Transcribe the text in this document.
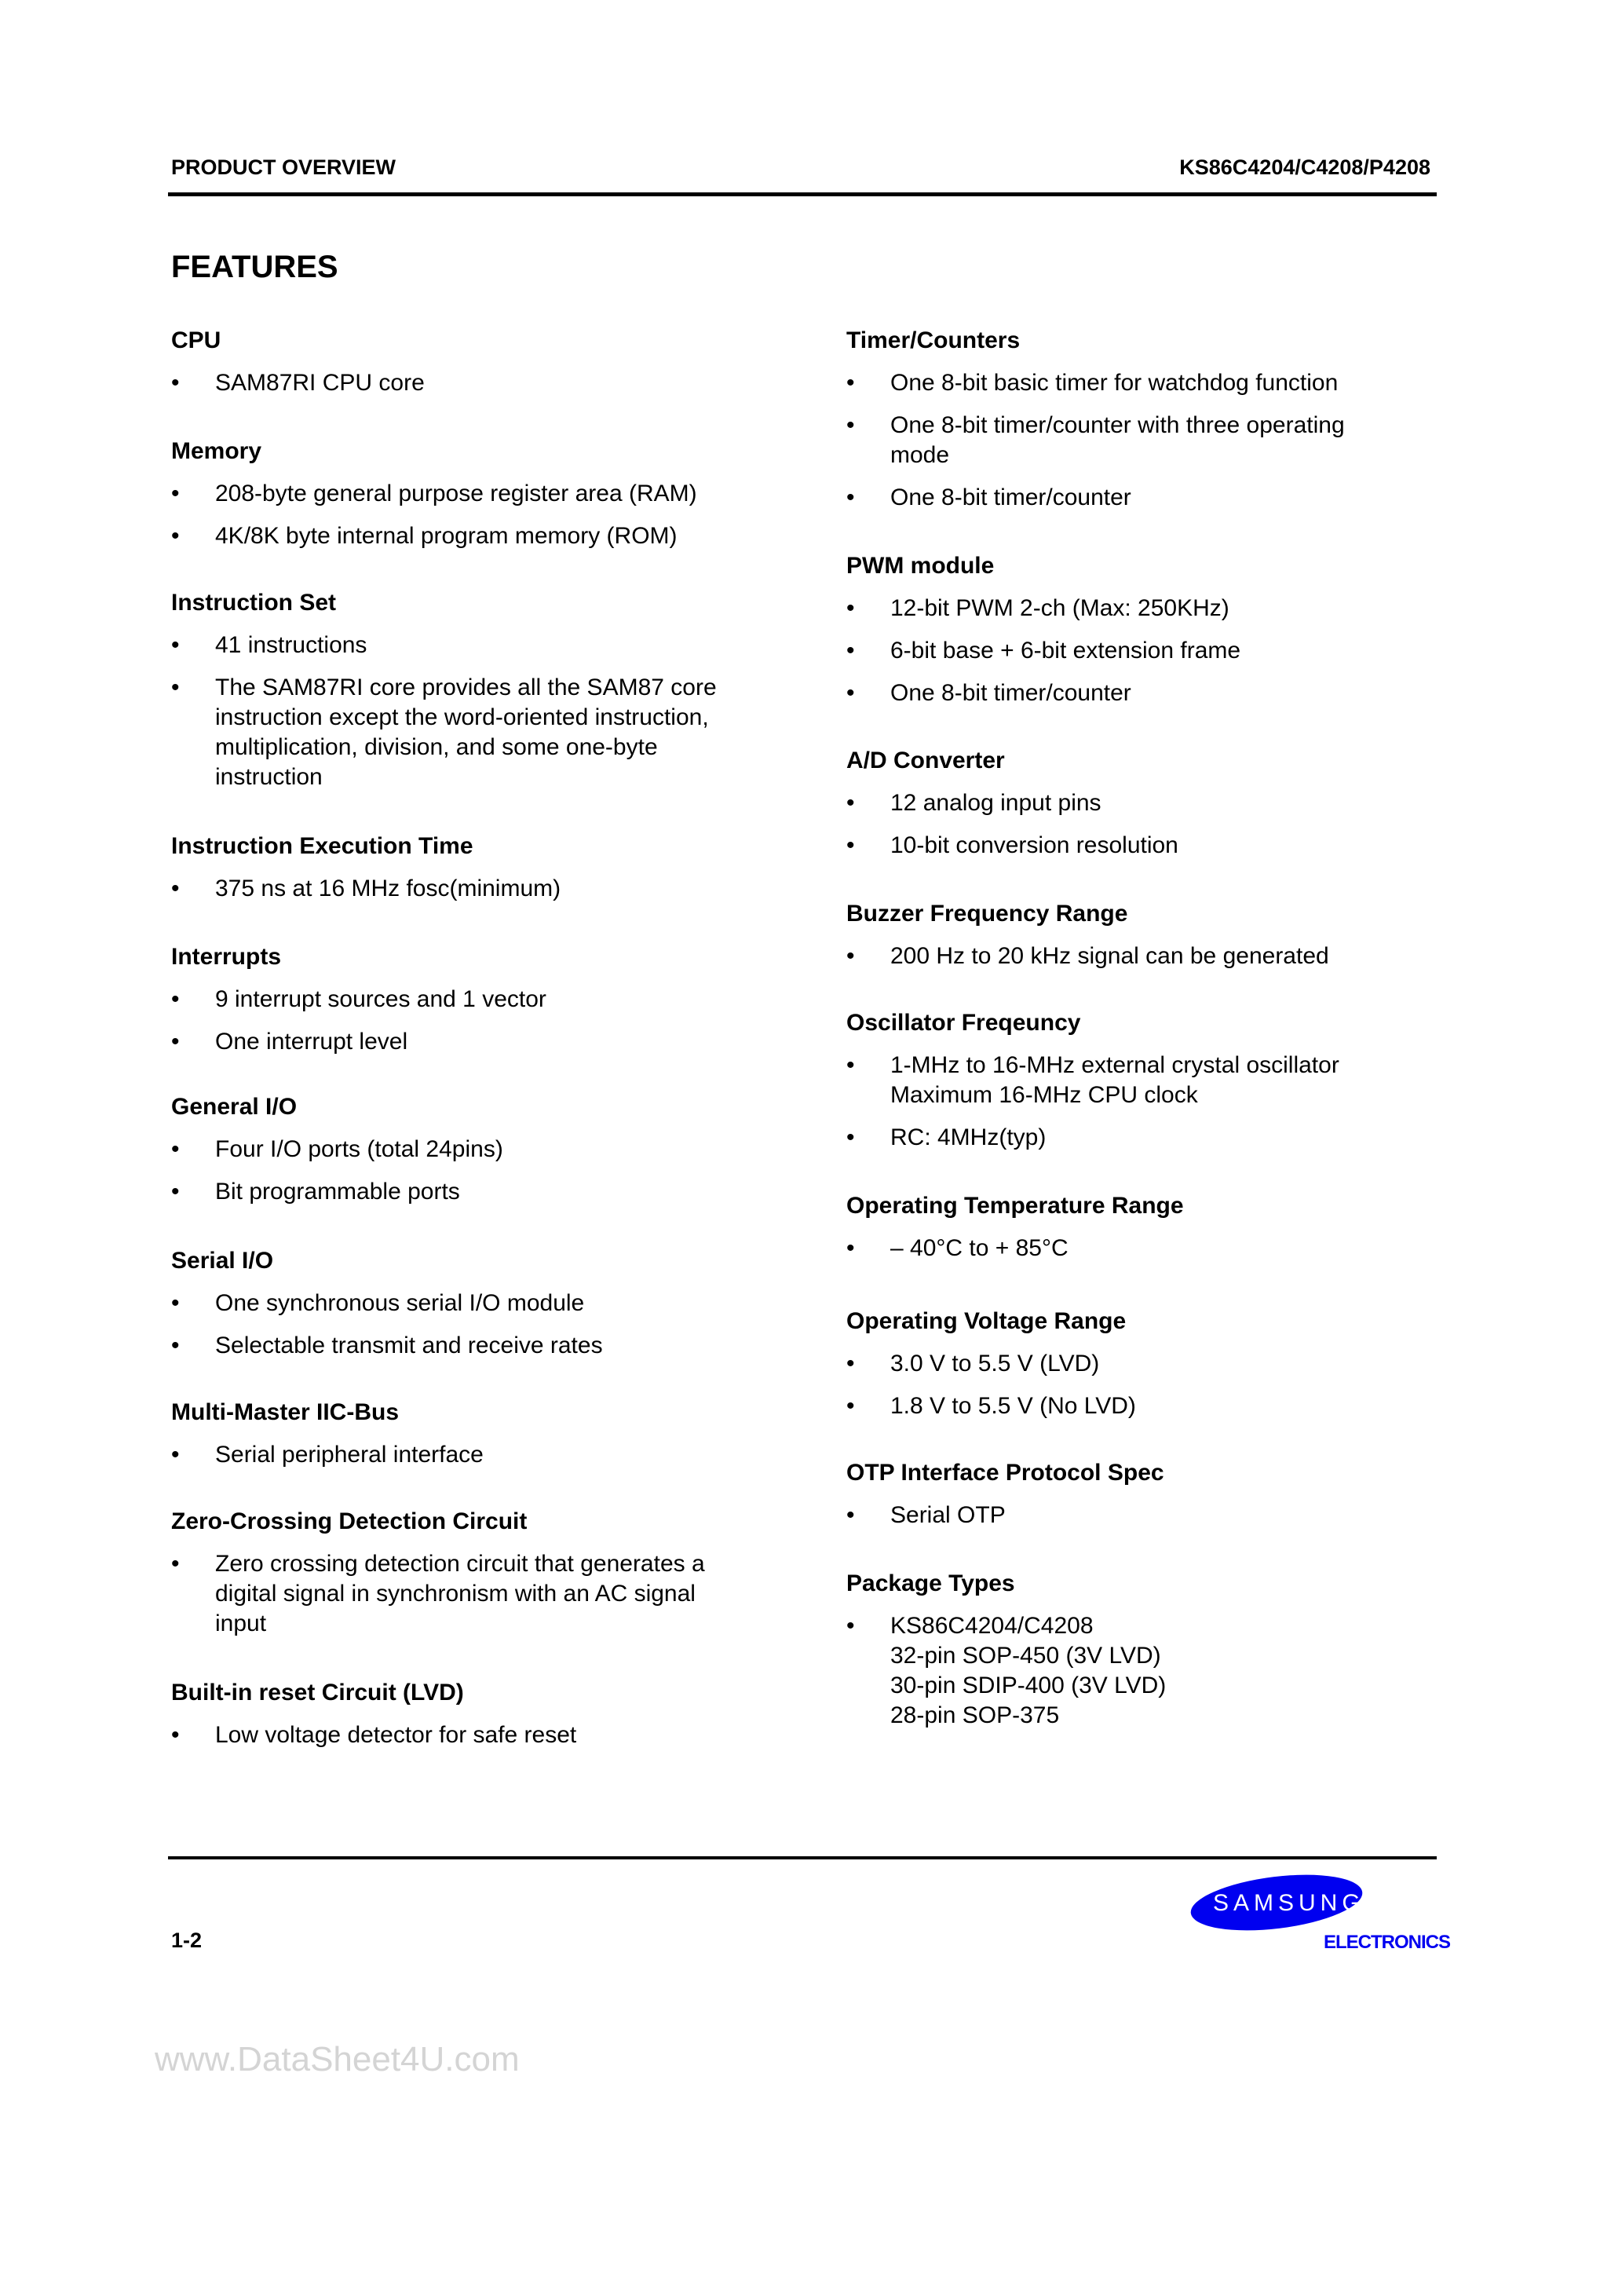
PRODUCT OVERVIEW	KS86C4204/C4208/P4208
FEATURES
CPU
• SAM87RI CPU core
Memory
• 208-byte general purpose register area (RAM)
• 4K/8K byte internal program memory (ROM)
Instruction Set
• 41 instructions
• The SAM87RI core provides all the SAM87 core
instruction except the word-oriented instruction,
multiplication, division, and some one-byte
instruction
Instruction Execution Time
• 375 ns at 16 MHz fosc(minimum)
Interrupts
• 9 interrupt sources and 1 vector
• One interrupt level
General I/O
• Four I/O ports (total 24pins)
• Bit programmable ports
Serial I/O
• One synchronous serial I/O module
• Selectable transmit and receive rates
Multi-Master IIC-Bus
• Serial peripheral interface
Zero-Crossing Detection Circuit
• Zero crossing detection circuit that generates a
digital signal in synchronism with an AC signal
input
Built-in reset Circuit (LVD)
• Low voltage detector for safe reset
Timer/Counters
• One 8-bit basic timer for watchdog function
• One 8-bit timer/counter with three operating
mode
• One 8-bit timer/counter
PWM module
• 12-bit PWM 2-ch (Max: 250KHz)
• 6-bit base + 6-bit extension frame
• One 8-bit timer/counter
A/D Converter
• 12 analog input pins
• 10-bit conversion resolution
Buzzer Frequency Range
• 200 Hz to 20 kHz signal can be generated
Oscillator Freqeuncy
• 1-MHz to 16-MHz external crystal oscillator
Maximum 16-MHz CPU clock
• RC: 4MHz(typ)
Operating Temperature Range
• – 40°C to + 85°C
Operating Voltage Range
• 3.0 V to 5.5 V (LVD)
• 1.8 V to 5.5 V (No LVD)
OTP Interface Protocol Spec
• Serial OTP
Package Types
• KS86C4204/C4208
32-pin SOP-450 (3V LVD)
30-pin SDIP-400 (3V LVD)
28-pin SOP-375
1-2
SAMSUNG
ELECTRONICS
www.DataSheet4U.com
